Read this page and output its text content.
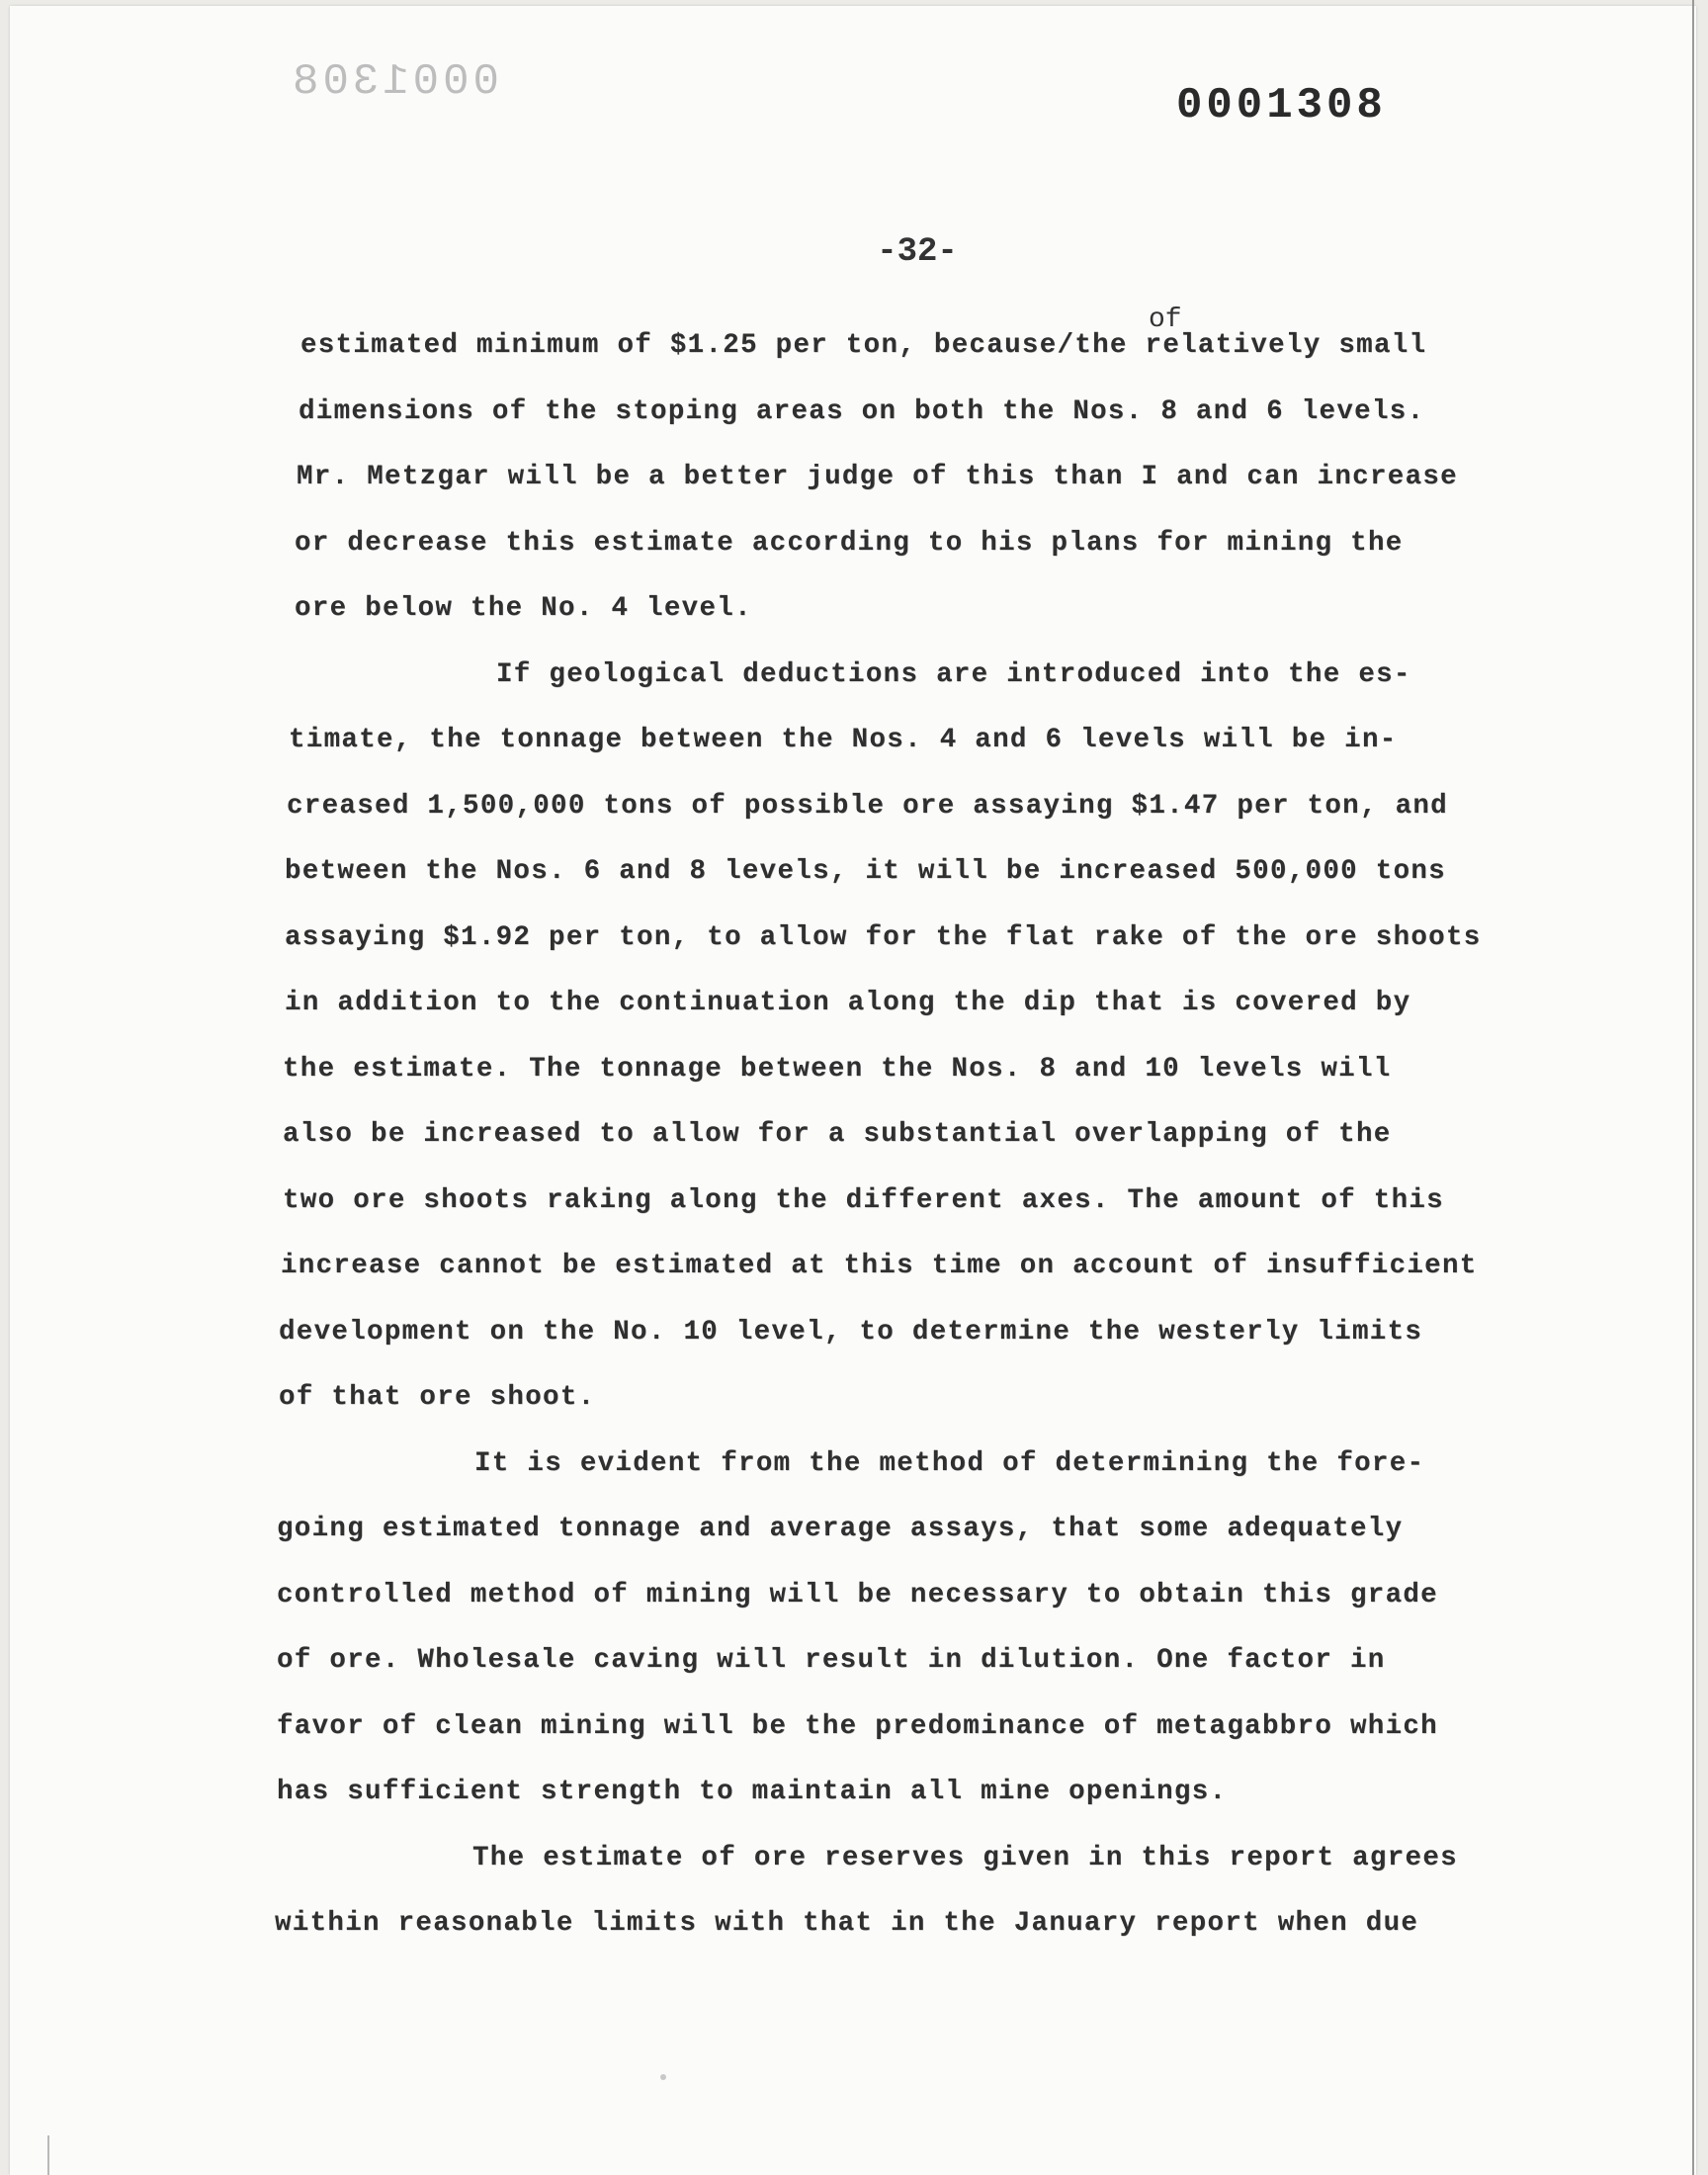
0001308	0001308
-32-
of
estimated minimum of $1.25 per ton, because/the relatively small
dimensions of the stoping areas on both the Nos. 8 and 6 levels.
Mr. Metzgar will be a better judge of this than I and can increase
or decrease this estimate according to his plans for mining the
ore below the No. 4 level.
If geological deductions are introduced into the es-
timate, the tonnage between the Nos. 4 and 6 levels will be in-
creased 1,500,000 tons of possible ore assaying $1.47 per ton, and
between the Nos. 6 and 8 levels, it will be increased 500,000 tons
assaying $1.92 per ton, to allow for the flat rake of the ore shoots
in addition to the continuation along the dip that is covered by
the estimate. The tonnage between the Nos. 8 and 10 levels will
also be increased to allow for a substantial overlapping of the
two ore shoots raking along the different axes. The amount of this
increase cannot be estimated at this time on account of insufficient
development on the No. 10 level, to determine the westerly limits
of that ore shoot.
It is evident from the method of determining the fore-
going estimated tonnage and average assays, that some adequately
controlled method of mining will be necessary to obtain this grade
of ore. Wholesale caving will result in dilution. One factor in
favor of clean mining will be the predominance of metagabbro which
has sufficient strength to maintain all mine openings.
The estimate of ore reserves given in this report agrees
within reasonable limits with that in the January report when due
